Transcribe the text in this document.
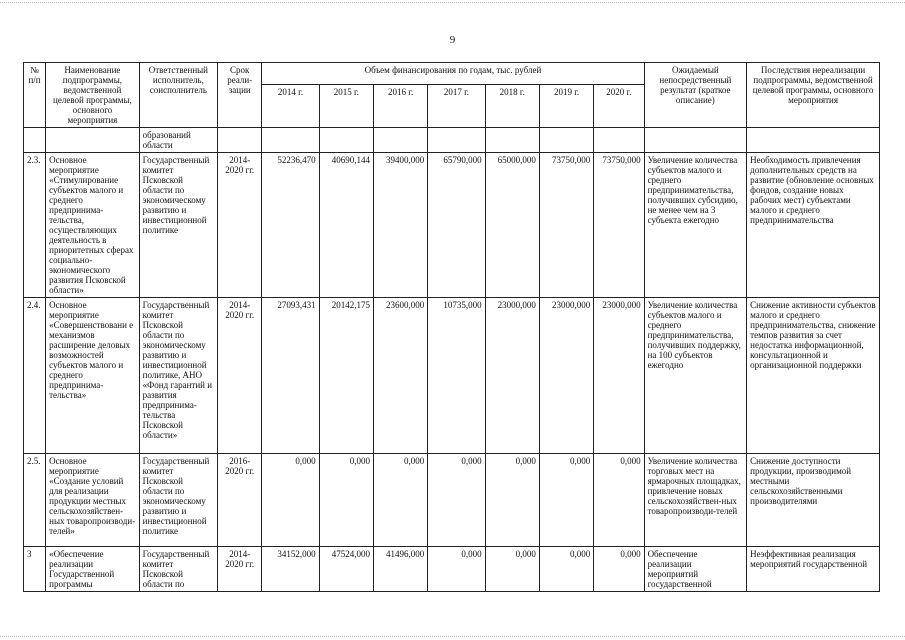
9
№ п/п	Наименование подпрограммы, ведомственной целевой программы, основного мероприятия	Ответственный исполнитель, соисполнитель	Срок реали-зации	Объем финансирования по годам, тыс. рублей							Ожидаемый непосредственный результат (краткое описание)	Последствия нереализации подпрограммы, ведомственной целевой программы, основного мероприятия
				2014 г.	2015 г.	2016 г.	2017 г.	2018 г.	2019 г.	2020 г.		
		образований области										
2.3.	Основное мероприятие «Стимулирование субъектов малого и среднего предпринима-тельства, осуществляющих деятельность в приоритетных сферах социально-экономического развития Псковской области»	Государственный комитет Псковской области по экономическому развитию и инвестиционной политике	2014-2020 гг.	52236,470	40690,144	39400,000	65790,000	65000,000	73750,000	73750,000	Увеличение количества субъектов малого и среднего предпринимательства, получивших субсидию, не менее чем на 3 субъекта ежегодно	Необходимость привлечения дополнительных средств на развитие (обновление основных фондов, создание новых рабочих мест) субъектами малого и среднего предпринимательства
2.4.	Основное мероприятие «Совершенствовани е механизмов расширение деловых возможностей субъектов малого и среднего предпринима-тельства»	Государственный комитет Псковской области по экономическому развитию и инвестиционной политике, АНО «Фонд гарантий и развития предпринима-тельства Псковской области»	2014-2020 гг.	27093,431	20142,175	23600,000	10735,000	23000,000	23000,000	23000,000	Увеличение количества субъектов малого и среднего предпринимательства, получивших поддержку, на 100 субъектов ежегодно	Снижение активности субъектов малого и среднего предпринимательства, снижение темпов развития за счет недостатка информационной, консультационной и организационной поддержки
2.5.	Основное мероприятие «Создание условий для реализации продукции местных сельскохозяйствен-ных товаропроизводи-телей»	Государственный комитет Псковской области по экономическому развитию и инвестиционной политике	2016-2020 гг.	0,000	0,000	0,000	0,000	0,000	0,000	0,000	Увеличение количества торговых мест на ярмарочных площадках, привлечение новых сельскохозяйствен-ных товаропроизводи-телей	Снижение доступности продукции, производимой местными сельскохозяйственными производителями
3	«Обеспечение реализации Государственной программы	Государственный комитет Псковской области по	2014-2020 гг.	34152,000	47524,000	41496,000	0,000	0,000	0,000	0,000	Обеспечение реализации мероприятий государственной	Неэффективная реализация мероприятий государственной
